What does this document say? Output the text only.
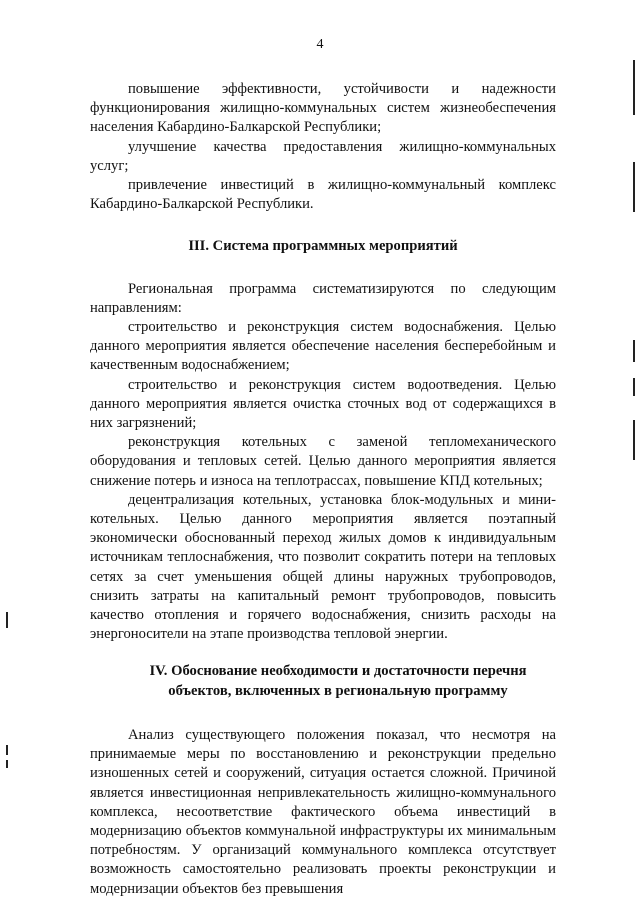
4

повышение эффективности, устойчивости и надежности функционирования жилищно-коммунальных систем жизнеобеспечения населения Кабардино-Балкарской Республики;

улучшение качества предоставления жилищно-коммунальных услуг;

привлечение инвестиций в жилищно-коммунальный комплекс Кабардино-Балкарской Республики.

III. Система программных мероприятий

Региональная программа систематизируются по следующим направлениям:

строительство и реконструкция систем водоснабжения. Целью данного мероприятия является обеспечение населения бесперебойным и качественным водоснабжением;

строительство и реконструкция систем водоотведения. Целью данного мероприятия является очистка сточных вод от содержащихся в них загрязнений;

реконструкция котельных с заменой тепломеханического оборудования и тепловых сетей. Целью данного мероприятия является снижение потерь и износа на теплотрассах, повышение КПД котельных;

децентрализация котельных, установка блок-модульных и мини-котельных. Целью данного мероприятия является поэтапный экономически обоснованный переход жилых домов к индивидуальным источникам теплоснабжения, что позволит сократить потери на тепловых сетях за счет уменьшения общей длины наружных трубопроводов, снизить затраты на капитальный ремонт трубопроводов, повысить качество отопления и горячего водоснабжения, снизить расходы на энергоносители на этапе производства тепловой энергии.

IV. Обоснование необходимости и достаточности перечня
объектов, включенных в региональную программу

Анализ существующего положения показал, что несмотря на принимаемые меры по восстановлению и реконструкции предельно изношенных сетей и сооружений, ситуация остается сложной. Причиной является инвестиционная непривлекательность жилищно-коммунального комплекса, несоответствие фактического объема инвестиций в модернизацию объектов коммунальной инфраструктуры их минимальным потребностям. У организаций коммунального комплекса отсутствует возможность самостоятельно реализовать проекты реконструкции и модернизации объектов без превышения
